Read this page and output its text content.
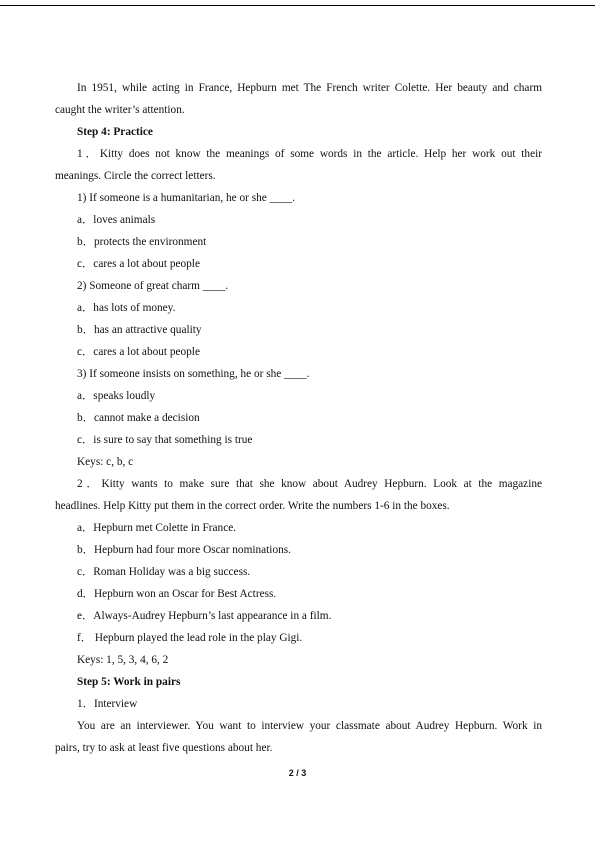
In 1951, while acting in France, Hepburn met The French writer Colette. Her beauty and charm
caught the writer’s attention.
Step 4: Practice
1．Kitty does not know the meanings of some words in the article. Help her work out their
meanings. Circle the correct letters.
1) If someone is a humanitarian, he or she ____.
a．loves animals
b．protects the environment
c．cares a lot about people
2) Someone of great charm ____.
a．has lots of money.
b．has an attractive quality
c．cares a lot about people
3) If someone insists on something, he or she ____.
a．speaks loudly
b．cannot make a decision
c．is sure to say that something is true
Keys: c, b, c
2．Kitty wants to make sure that she know about Audrey Hepburn. Look at the magazine
headlines. Help Kitty put them in the correct order. Write the numbers 1-6 in the boxes.
a．Hepburn met Colette in France.
b．Hepburn had four more Oscar nominations.
c．Roman Holiday was a big success.
d．Hepburn won an Oscar for Best Actress.
e．Always-Audrey Hepburn’s last appearance in a film.
f． Hepburn played the lead role in the play Gigi.
Keys: 1, 5, 3, 4, 6, 2
Step 5: Work in pairs
1．Interview
You are an interviewer. You want to interview your classmate about Audrey Hepburn. Work in
pairs, try to ask at least five questions about her.
2 / 3
